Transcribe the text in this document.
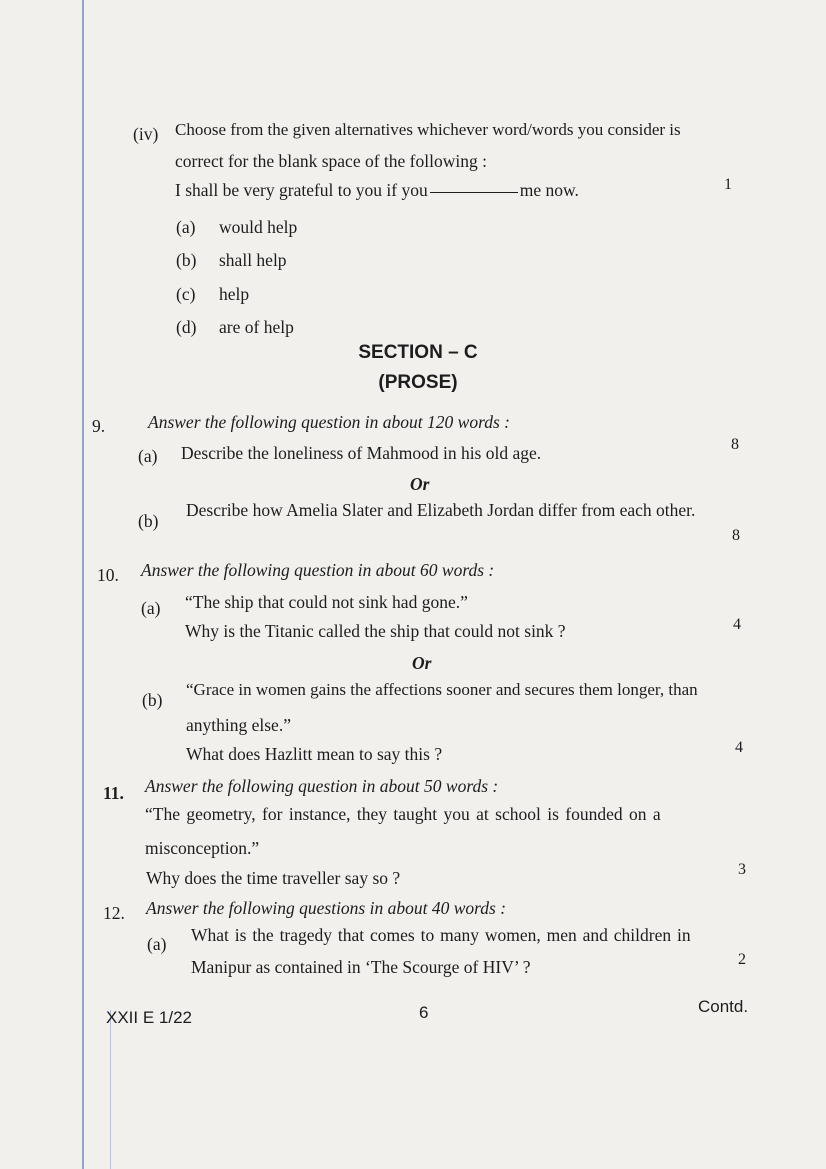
(iv) Choose from the given alternatives whichever word/words you consider is
correct for the blank space of the following :
I shall be very grateful to you if you	me now.	1
(a) would help
(b) shall help
(c) help
(d) are of help
SECTION – C
(PROSE)
9. Answer the following question in about 120 words :
(a) Describe the loneliness of Mahmood in his old age.	8
Or
(b)
Describe how Amelia Slater and Elizabeth Jordan differ from each other.
8
10. Answer the following question in about 60 words :
(a) “The ship that could not sink had gone.”
Why is the Titanic called the ship that could not sink ?	4
Or
(b)
“Grace in women gains the affections sooner and secures them longer, than
anything else.”
What does Hazlitt mean to say this ?	4
11. Answer the following question in about 50 words :
“The geometry, for instance, they taught you at school is founded on a
misconception.”
Why does the time traveller say so ?	3
12. Answer the following questions in about 40 words :
(a) What is the tragedy that comes to many women, men and children in
Manipur as contained in ‘The Scourge of HIV’ ?	2
XXII E 1/22	6	Contd.
